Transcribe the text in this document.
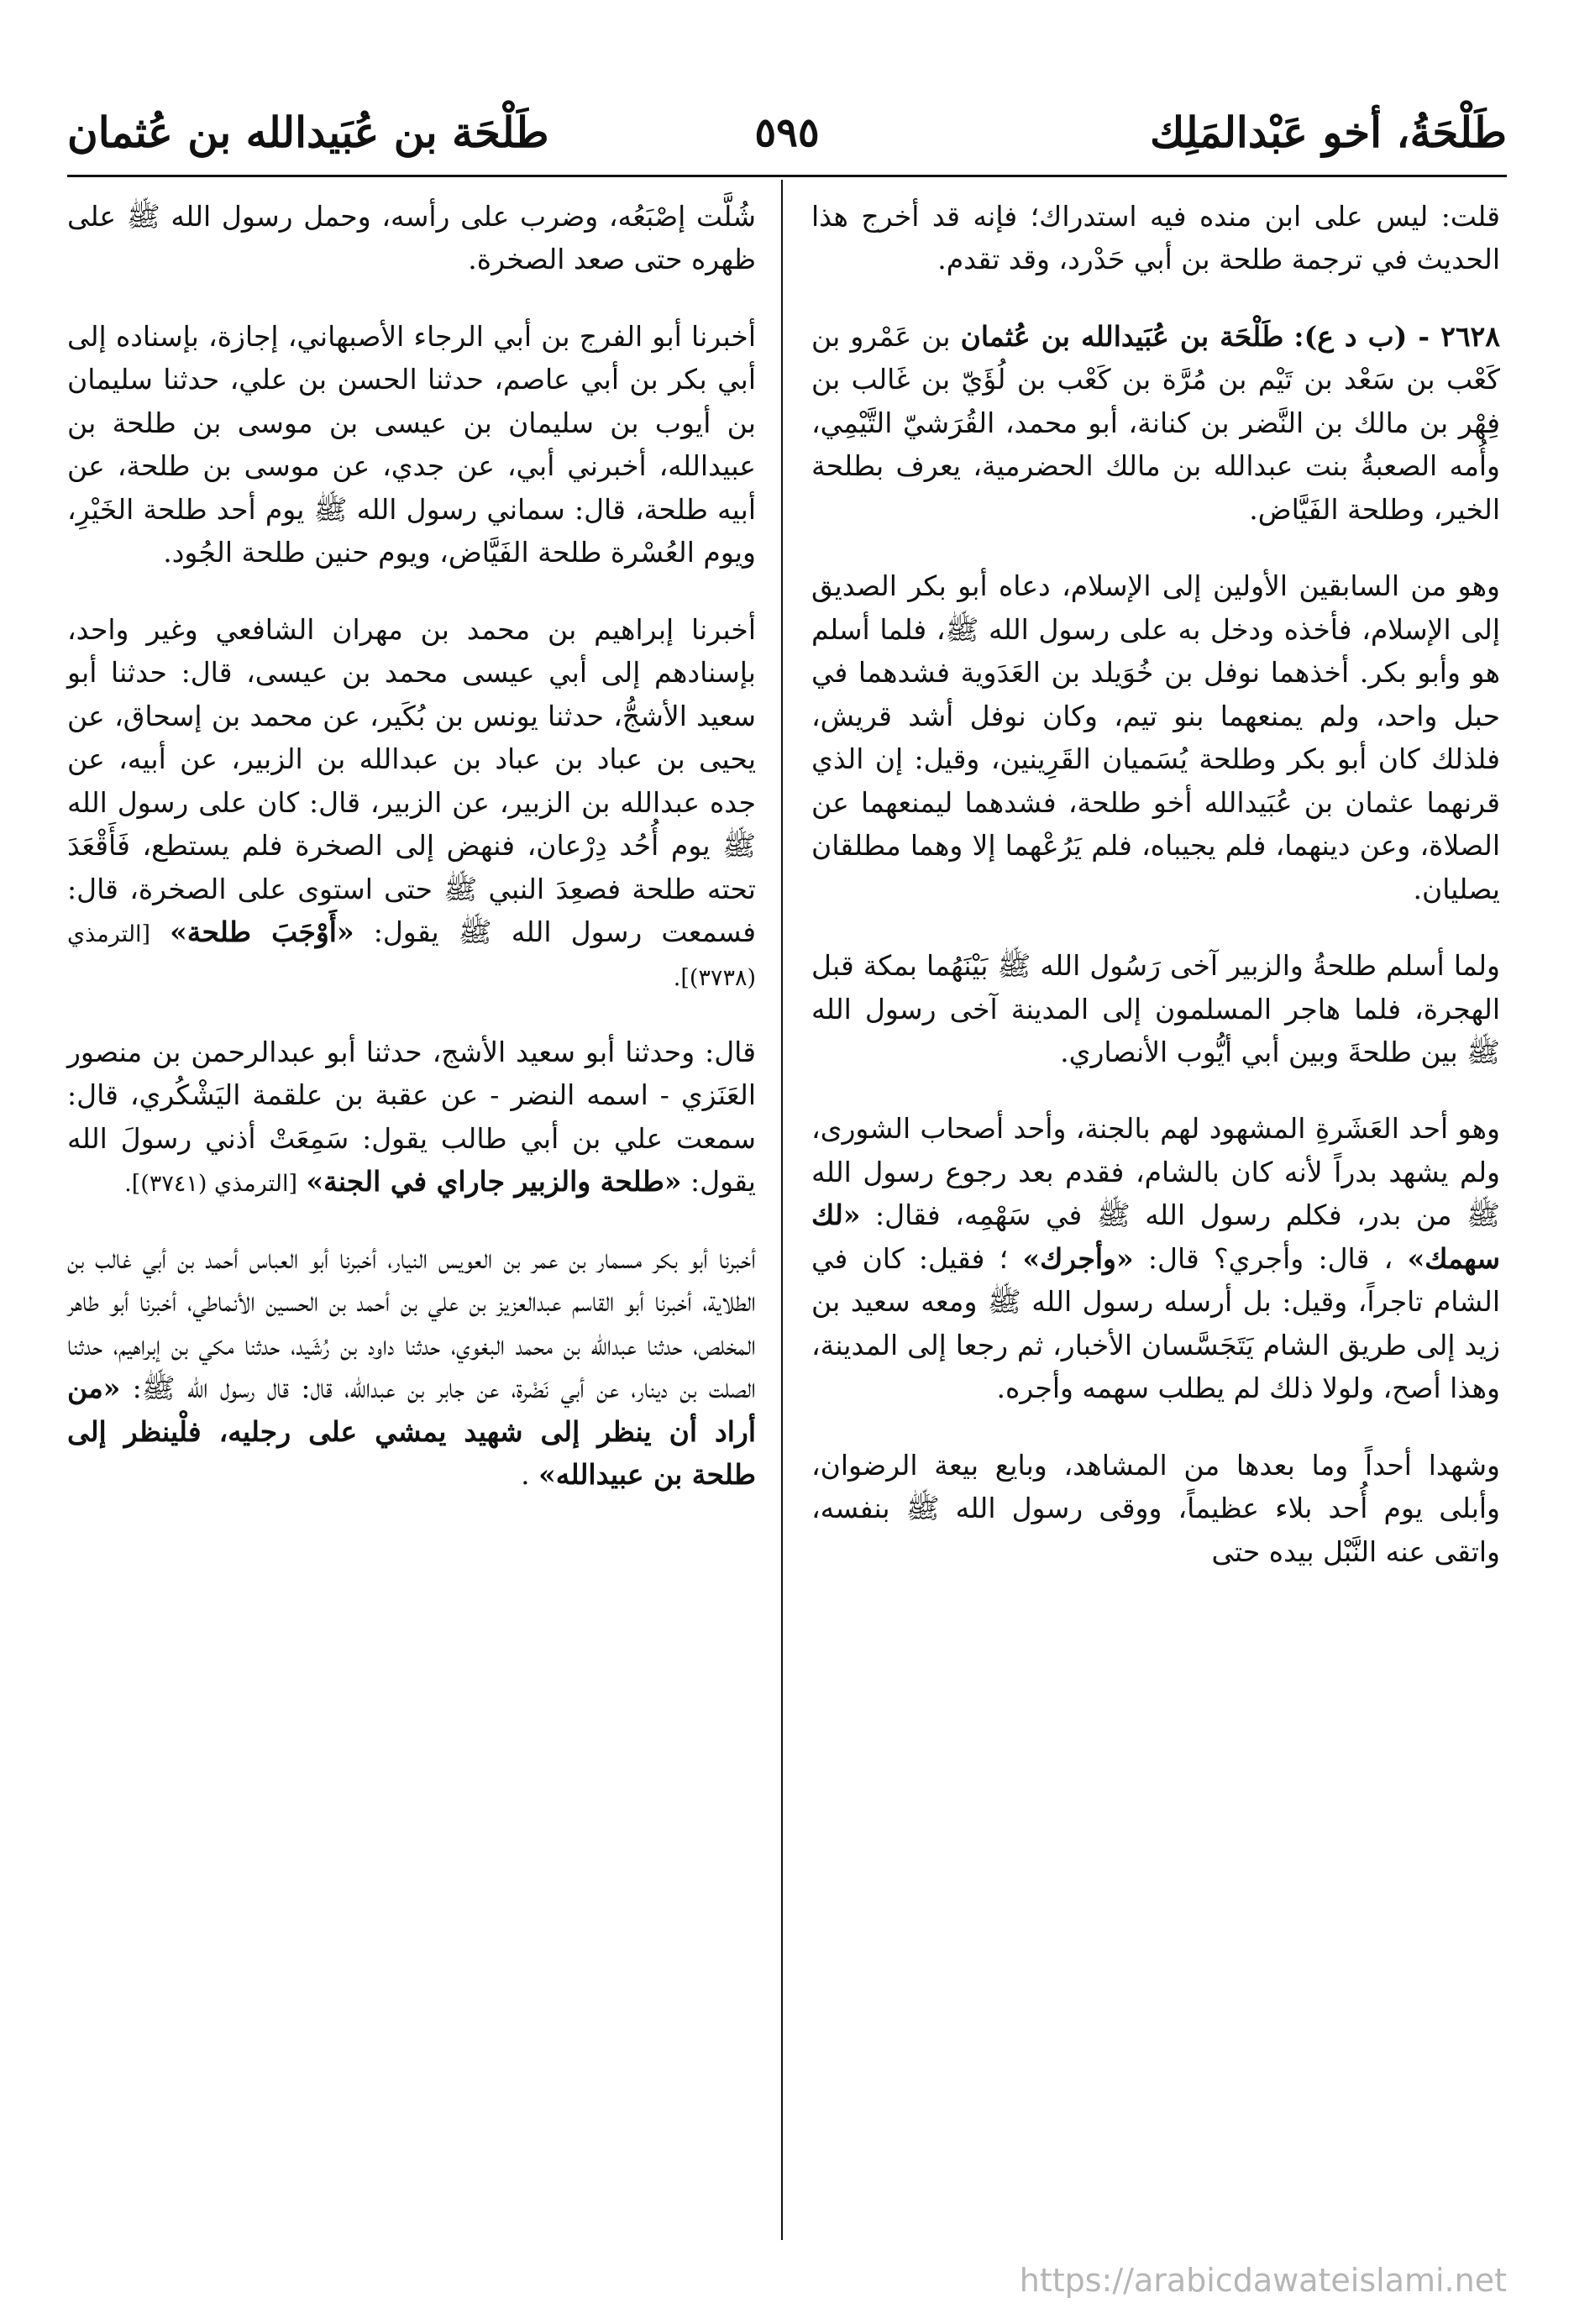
طَلْحَةُ، أخو عَبْدالمَلِك
٥٩٥
طَلْحَة بن عُبَيدالله بن عُثمان

قلت: ليس على ابن منده فيه استدراك؛ فإنه قد أخرج هذا الحديث في ترجمة طلحة بن أبي حَدْرد، وقد تقدم.

٢٦٢٨ - (ب د ع): طَلْحَة بن عُبَيدالله بن عُثمان بن عَمْرو بن كَعْب بن سَعْد بن تَيْم بن مُرَّة بن كَعْب بن لُؤَيّ بن غَالب بن فِهْر بن مالك بن النَّضر بن كنانة، أبو محمد، القُرَشيّ التَّيْمِي، وأُمه الصعبةُ بنت عبدالله بن مالك الحضرمية، يعرف بطلحة الخير، وطلحة الفَيَّاض.

وهو من السابقين الأولين إلى الإسلام، دعاه أبو بكر الصديق إلى الإسلام، فأخذه ودخل به على رسول الله ﷺ، فلما أسلم هو وأبو بكر. أخذهما نوفل بن خُوَيلد بن العَدَوية فشدهما في حبل واحد، ولم يمنعهما بنو تيم، وكان نوفل أشد قريش، فلذلك كان أبو بكر وطلحة يُسَميان القَرِينين، وقيل: إن الذي قرنهما عثمان بن عُبَيدالله أخو طلحة، فشدهما ليمنعهما عن الصلاة، وعن دينهما، فلم يجيباه، فلم يَرُعْهما إلا وهما مطلقان يصليان.

ولما أسلم طلحةُ والزبير آخى رَسُول الله ﷺ بَيْنَهُما بمكة قبل الهجرة، فلما هاجر المسلمون إلى المدينة آخى رسول الله ﷺ بين طلحةَ وبين أبي أيُّوب الأنصاري.

وهو أحد العَشَرةِ المشهود لهم بالجنة، وأحد أصحاب الشورى، ولم يشهد بدراً لأنه كان بالشام، فقدم بعد رجوع رسول الله ﷺ من بدر، فكلم رسول الله ﷺ في سَهْمِه، فقال: «لك سهمك» ، قال: وأجري؟ قال: «وأجرك» ؛ فقيل: كان في الشام تاجراً، وقيل: بل أرسله رسول الله ﷺ ومعه سعيد بن زيد إلى طريق الشام يَتَجَسَّسان الأخبار، ثم رجعا إلى المدينة، وهذا أصح، ولولا ذلك لم يطلب سهمه وأجره.

وشهدا أحداً وما بعدها من المشاهد، وبايع بيعة الرضوان، وأبلى يوم أُحد بلاء عظيماً، ووقى رسول الله ﷺ بنفسه، واتقى عنه النَّبْل بيده حتى

شُلَّت إصْبَعُه، وضرب على رأسه، وحمل رسول الله ﷺ على ظهره حتى صعد الصخرة.

أخبرنا أبو الفرج بن أبي الرجاء الأصبهاني، إجازة، بإسناده إلى أبي بكر بن أبي عاصم، حدثنا الحسن بن علي، حدثنا سليمان بن أيوب بن سليمان بن عيسى بن موسى بن طلحة بن عبيدالله، أخبرني أبي، عن جدي، عن موسى بن طلحة، عن أبيه طلحة، قال: سماني رسول الله ﷺ يوم أحد طلحة الخَيْرِ، ويوم العُسْرة طلحة الفَيَّاض، ويوم حنين طلحة الجُود.

أخبرنا إبراهيم بن محمد بن مهران الشافعي وغير واحد، بإسنادهم إلى أبي عيسى محمد بن عيسى، قال: حدثنا أبو سعيد الأشجُّ، حدثنا يونس بن بُكَير، عن محمد بن إسحاق، عن يحيى بن عباد بن عباد بن عبدالله بن الزبير، عن أبيه، عن جده عبدالله بن الزبير، عن الزبير، قال: كان على رسول الله ﷺ يوم أُحُد دِرْعان، فنهض إلى الصخرة فلم يستطع، فَأَقْعَدَ تحته طلحة فصعِدَ النبي ﷺ حتى استوى على الصخرة، قال: فسمعت رسول الله ﷺ يقول: «أَوْجَبَ طلحة» [الترمذي (٣٧٣٨)].

قال: وحدثنا أبو سعيد الأشج، حدثنا أبو عبدالرحمن بن منصور العَنَزي - اسمه النضر - عن عقبة بن علقمة اليَشْكُري، قال: سمعت علي بن أبي طالب يقول: سَمِعَتْ أذني رسولَ الله يقول: «طلحة والزبير جاراي في الجنة» [الترمذي (٣٧٤١)].

أخبرنا أبو بكر مسمار بن عمر بن العويس النيار، أخبرنا أبو العباس أحمد بن أبي غالب بن الطلاية، أخبرنا أبو القاسم عبدالعزيز بن علي بن أحمد بن الحسين الأنماطي، أخبرنا أبو طاهر المخلص، حدثنا عبدالله بن محمد البغوي، حدثنا داود بن رُشَيد، حدثنا مكي بن إبراهيم، حدثنا الصلت بن دينار، عن أبي نَضْرة، عن جابر بن عبدالله، قال: قال رسول الله ﷺ: «من أراد أن ينظر إلى شهيد يمشي على رجليه، فلْينظر إلى طلحة بن عبيدالله» .

https://arabicdawateislami.net
